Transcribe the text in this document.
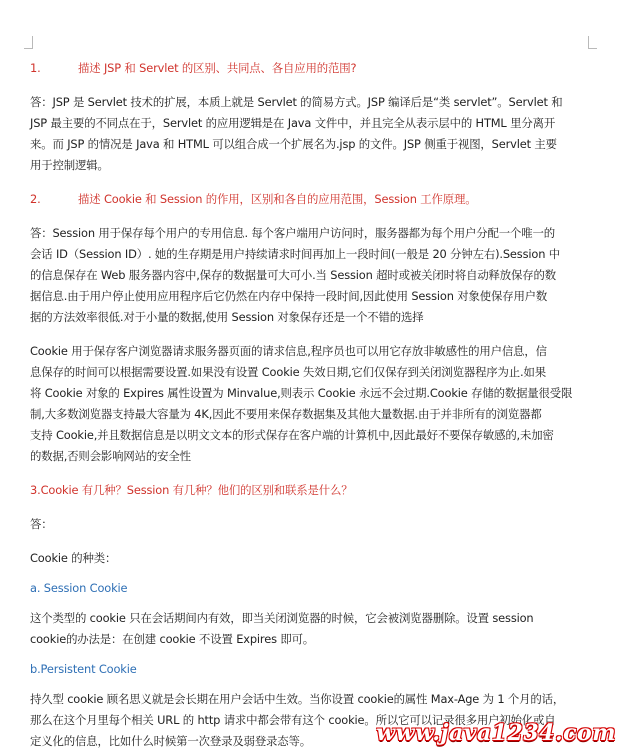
1.	描述 JSP 和 Servlet 的区别、共同点、各自应用的范围?
答：JSP 是 Servlet 技术的扩展，本质上就是 Servlet 的简易方式。JSP 编译后是“类 servlet”。Servlet 和
JSP 最主要的不同点在于，Servlet 的应用逻辑是在 Java 文件中，并且完全从表示层中的 HTML 里分离开
来。而 JSP 的情况是 Java 和 HTML 可以组合成一个扩展名为.jsp 的文件。JSP 侧重于视图，Servlet 主要
用于控制逻辑。
2.	描述 Cookie 和 Session 的作用，区别和各自的应用范围，Session 工作原理。
答：Session 用于保存每个用户的专用信息. 每个客户端用户访问时，服务器都为每个用户分配一个唯一的
会话 ID（Session ID）. 她的生存期是用户持续请求时间再加上一段时间(一般是 20 分钟左右).Session 中
的信息保存在 Web 服务器内容中,保存的数据量可大可小.当 Session 超时或被关闭时将自动释放保存的数
据信息.由于用户停止使用应用程序后它仍然在内存中保持一段时间,因此使用 Session 对象使保存用户数
据的方法效率很低.对于小量的数据,使用 Session 对象保存还是一个不错的选择
Cookie 用于保存客户浏览器请求服务器页面的请求信息,程序员也可以用它存放非敏感性的用户信息，信
息保存的时间可以根据需要设置.如果没有设置 Cookie 失效日期,它们仅保存到关闭浏览器程序为止.如果
将 Cookie 对象的 Expires 属性设置为 Minvalue,则表示 Cookie 永远不会过期.Cookie 存储的数据量很受限
制,大多数浏览器支持最大容量为 4K,因此不要用来保存数据集及其他大量数据.由于并非所有的浏览器都
支持 Cookie,并且数据信息是以明文文本的形式保存在客户端的计算机中,因此最好不要保存敏感的,未加密
的数据,否则会影响网站的安全性
3.Cookie 有几种？Session 有几种？他们的区别和联系是什么？
答：
Cookie 的种类：
a. Session Cookie
这个类型的 cookie 只在会话期间内有效，即当关闭浏览器的时候，它会被浏览器删除。设置 session
cookie的办法是：在创建 cookie 不设置 Expires 即可。
b.Persistent Cookie
持久型 cookie 顾名思义就是会长期在用户会话中生效。当你设置 cookie的属性 Max-Age 为 1 个月的话，
那么在这个月里每个相关 URL 的 http 请求中都会带有这个 cookie。所以它可以记录很多用户初始化或自
定义化的信息，比如什么时候第一次登录及弱登录态等。	www.java1234.com
